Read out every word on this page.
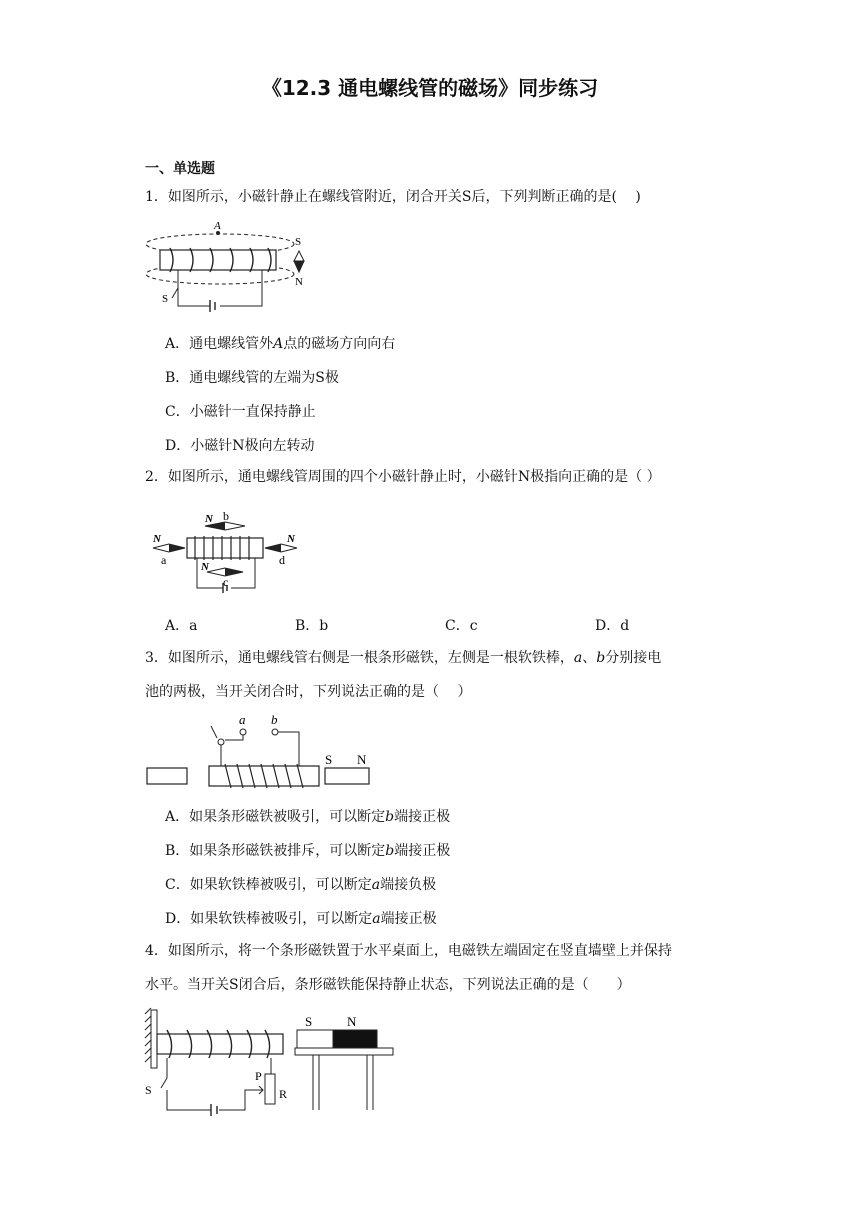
《12.3 通电螺线管的磁场》同步练习
一、单选题
1．如图所示，小磁针静止在螺线管附近，闭合开关S后，下列判断正确的是(　 )
A
S
N
S
A．通电螺线管外A点的磁场方向向右
B．通电螺线管的左端为S极
C．小磁针一直保持静止
D．小磁针N极向左转动
2．如图所示，通电螺线管周围的四个小磁针静止时，小磁针N极指向正确的是（ ）
b
N
a
N
d
N
c
N
A．a	B．b	C．c	D．d
3．如图所示，通电螺线管右侧是一根条形磁铁，左侧是一根软铁棒，a、b分别接电
池的两极，当开关闭合时，下列说法正确的是（　 ）
S N
a b
A．如果条形磁铁被吸引，可以断定b端接正极
B．如果条形磁铁被排斥，可以断定b端接正极
C．如果软铁棒被吸引，可以断定a端接负极
D．如果软铁棒被吸引，可以断定a端接正极
4．如图所示，将一个条形磁铁置于水平桌面上，电磁铁左端固定在竖直墙壁上并保持
水平。当开关S闭合后，条形磁铁能保持静止状态，下列说法正确的是（　　）
S
P
R
S	N
